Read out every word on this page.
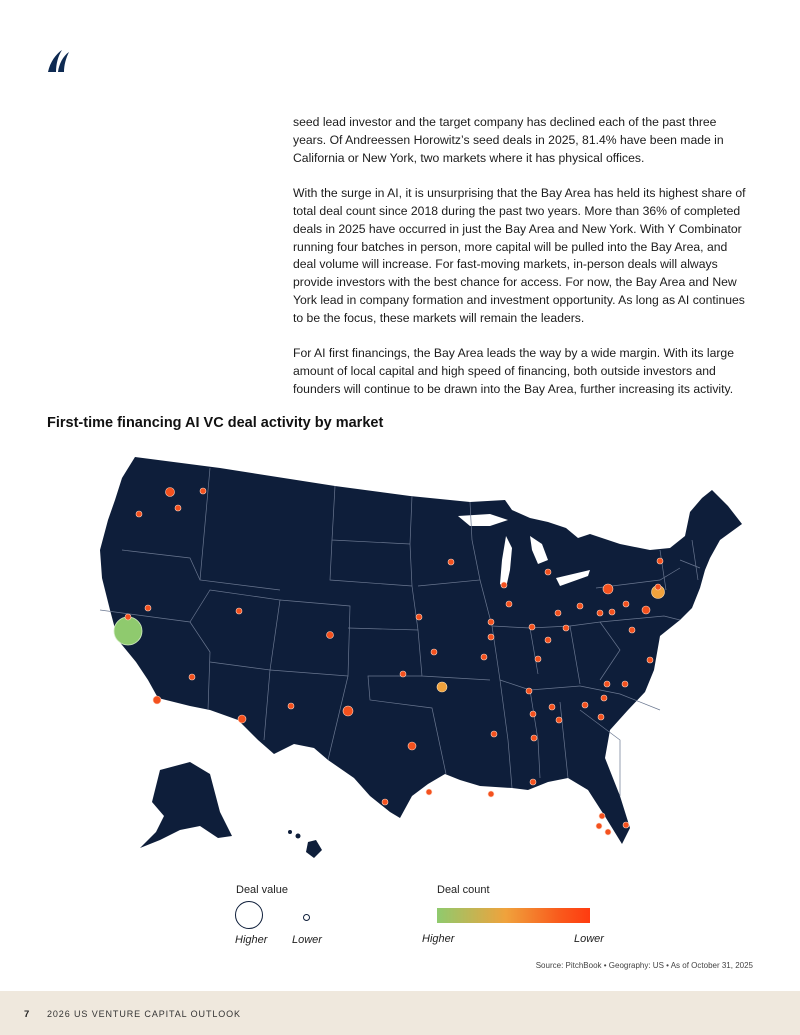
seed lead investor and the target company has declined each of the past three years. Of Andreessen Horowitz’s seed deals in 2025, 81.4% have been made in California or New York, two markets where it has physical offices.

With the surge in AI, it is unsurprising that the Bay Area has held its highest share of total deal count since 2018 during the past two years. More than 36% of completed deals in 2025 have occurred in just the Bay Area and New York. With Y Combinator running four batches in person, more capital will be pulled into the Bay Area, and deal volume will increase. For fast-moving markets, in-person deals will always provide investors with the best chance for access. For now, the Bay Area and New York lead in company formation and investment opportunity. As long as AI continues to be the focus, these markets will remain the leaders.

For AI first financings, the Bay Area leads the way by a wide margin. With its large amount of local capital and high speed of financing, both outside investors and founders will continue to be drawn into the Bay Area, further increasing its activity.

First-time financing AI VC deal activity by market
Deal value
Higher Lower
Deal count
Higher	Lower
Source: PitchBook • Geography: US • As of October 31, 2025
7 2026 US VENTURE CAPITAL OUTLOOK
